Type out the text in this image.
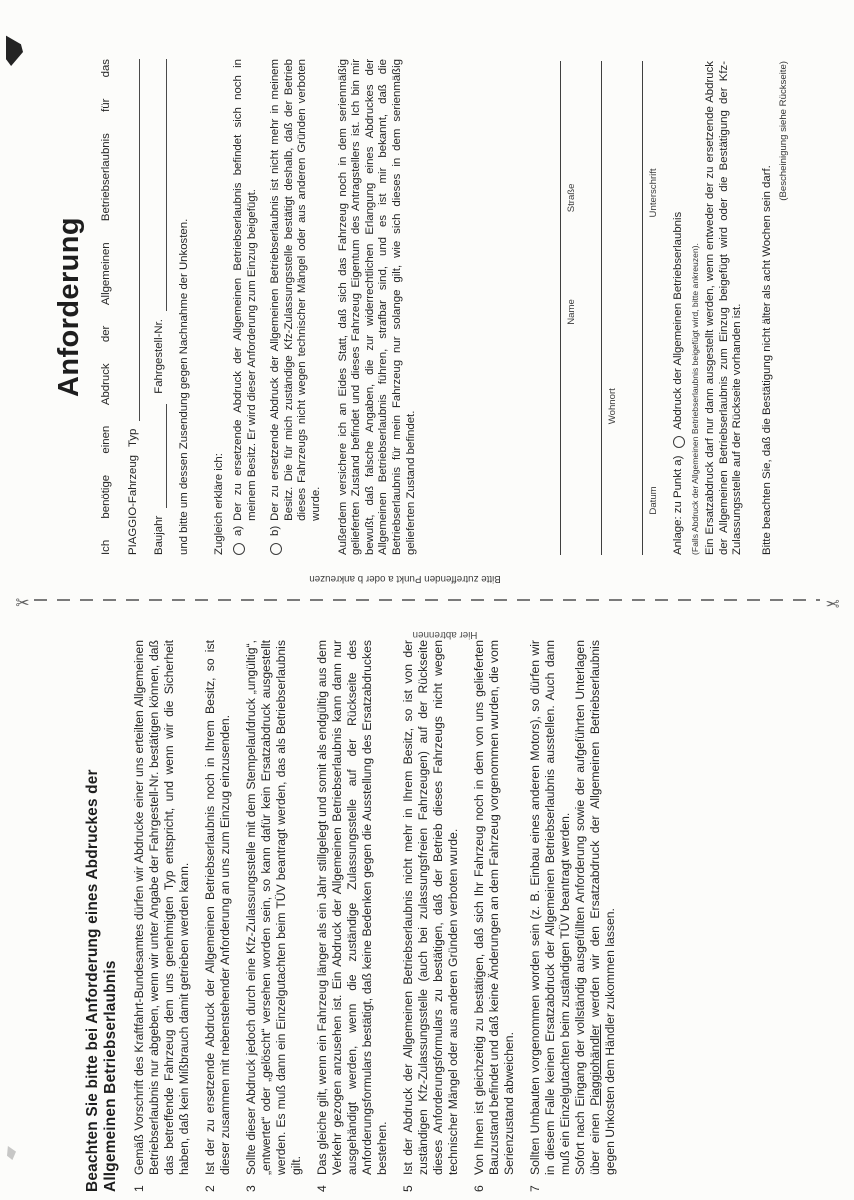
Anforderung Ich benötige einen Abdruck der Allgemeinen Betriebserlaubnis für das PIAGGIO-Fahrzeug
Typ
Baujahr
Fahrgestell-Nr. und bitte um dessen Zusendung gegen Nachnahme der Unkosten. Zugleich erkläre ich: a)

Der zu ersetzende Abdruck der Allgemeinen Betriebserlaubnis befindet sich noch in meinem Besitz. Er wird dieser Anforderung zum Einzug beigefügt.

b)

Der zu ersetzende Abdruck der Allgemeinen Betriebserlaubnis ist nicht mehr in meinem Besitz. Die für mich zuständige Kfz-Zulassungsstelle bestätigt deshalb, daß der Betrieb dieses Fahrzeugs nicht wegen technischer Mängel oder aus anderen Gründen verboten wurde. Außerdem versichere ich an Eides Statt, daß sich das Fahrzeug noch in dem serienmäßig gelieferten Zustand befindet und dieses Fahrzeug Eigentum des Antragstellers ist. Ich bin mir bewußt, daß falsche Angaben, die zur widerrechtlichen Erlangung eines Abdruckes der Allgemeinen Betriebserlaubnis führen, strafbar sind, und es ist mir bekannt, daß die Betriebserlaubnis für mein Fahrzeug nur solange gilt, wie sich dieses in dem serienmäßig gelieferten Zustand befindet.

Name
Straße
Wohnort
Datum
Unterschrift
Anlage: zu Punkt a)
Abdruck der Allgemeinen Betriebserlaubnis (Falls Abdruck der Allgemeinen Betriebserlaubnis beigefügt wird, bitte ankreuzen). Ein Ersatzabdruck darf nur dann ausgestellt werden, wenn entweder der zu ersetzende Abdruck der Allgemeinen Betriebserlaubnis zum Einzug beigefügt wird oder die Bestätigung der Kfz-Zulassungsstelle auf der Rückseite vorhanden ist. Bitte beachten Sie, daß die Bestätigung nicht älter als acht Wochen sein darf.
(Bescheinigung siehe Rückseite)
✂	✂
Bitte zutreffenden Punkt a oder b ankreuzen
Hier abtrennen
Beachten Sie bitte bei Anforderung eines Abdruckes der
Allgemeinen Betriebserlaubnis 1

Gemäß Vorschrift des Kraftfahrt-Bundesamtes dürfen wir Abdrucke einer uns erteilten Allgemeinen Betriebserlaubnis nur abgeben, wenn wir unter Angabe der Fahrgestell-Nr. bestätigen können, daß das betreffende Fahrzeug dem uns genehmigten Typ entspricht, und wenn wir die Sicherheit haben, daß kein Mißbrauch damit getrieben werden kann.

2

Ist der zu ersetzende Abdruck der Allgemeinen Betriebserlaubnis noch in Ihrem Besitz, so ist dieser zusammen mit nebenstehender Anforderung an uns zum Einzug einzusenden.

3

Sollte dieser Abdruck jedoch durch eine Kfz-Zulassungsstelle mit dem Stempelaufdruck „ungültig“, „entwertet“ oder „gelöscht“ versehen worden sein, so kann dafür kein Ersatzabdruck ausgestellt werden. Es muß dann ein Einzelgutachten beim TÜV beantragt werden, das als Betriebserlaubnis gilt.

4

Das gleiche gilt, wenn ein Fahrzeug länger als ein Jahr stillgelegt und somit als endgültig aus dem Verkehr gezogen anzusehen ist. Ein Abdruck der Allgemeinen Betriebserlaubnis kann dann nur ausgehändigt werden, wenn die zuständige Zulassungsstelle auf der Rückseite des Anforderungsformulars bestätigt, daß keine Bedenken gegen die Ausstellung des Ersatzabdruckes bestehen.

5

Ist der Abdruck der Allgemeinen Betriebserlaubnis nicht mehr in Ihrem Besitz, so ist von der zuständigen Kfz-Zulassungsstelle (auch bei zulassungsfreien Fahrzeugen) auf der Rückseite dieses Anforderungsformulars zu bestätigen, daß der Betrieb dieses Fahrzeugs nicht wegen technischer Mängel oder aus anderen Gründen verboten wurde.

6

Von Ihnen ist gleichzeitig zu bestätigen, daß sich Ihr Fahrzeug noch in dem von uns gelieferten Bauzustand befindet und daß keine Änderungen an dem Fahrzeug vorgenommen wurden, die vom Serienzustand abweichen.

7

Sollten Umbauten vorgenommen worden sein (z. B. Einbau eines anderen Motors), so dürfen wir in diesem Falle keinen Ersatzabdruck der Allgemeinen Betriebserlaubnis ausstellen. Auch dann muß ein Einzelgutachten beim zuständigen TÜV beantragt werden. Sofort nach Eingang der vollständig ausgefüllten Anforderung sowie der aufgeführten Unterlagen über einen Piaggiohändler werden wir den Ersatzabdruck der Allgemeinen Betriebserlaubnis gegen Unkosten dem Händler zukommen lassen.
